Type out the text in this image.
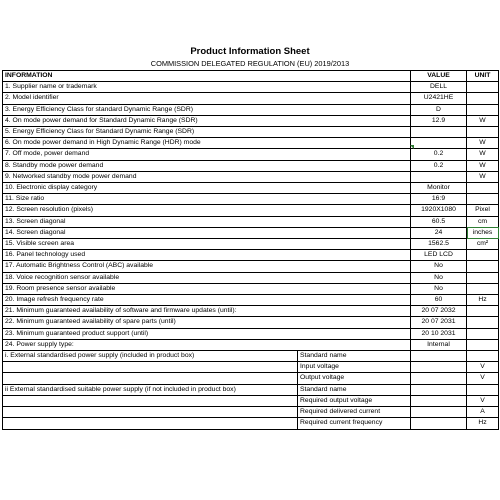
Product Information Sheet
COMMISSION DELEGATED REGULATION (EU) 2019/2013
INFORMATION		VALUE	UNIT
1. Supplier name or trademark		DELL	
2. Model identifier		U2421HE	
3. Energy Efficiency Class for standard Dynamic Range (SDR)		D	
4. On mode power demand for Standard Dynamic Range (SDR)		12.9	W
5. Energy Efficiency Class for Standard Dynamic Range (SDR)			
6. On mode power demand in High Dynamic Range (HDR) mode			W
7. Off mode, power demand		0.2	W
8. Standby mode power demand		0.2	W
9. Networked standby mode power demand			W
10. Electronic display category		Monitor	
11. Size ratio		16:9	
12. Screen resolution (pixels)		1920X1080	Pixel
13. Screen diagonal		60.5	cm
14. Screen diagonal		24	inches
15. Visible screen area		1562.5	cm²
16. Panel technology used		LED LCD	
17. Automatic Brightness Control (ABC) available		No	
18. Voice recognition sensor available		No	
19. Room presence sensor available		No	
20. Image refresh frequency rate		60	Hz
21. Minimum guaranteed availability of software and firmware updates (until):		20 07 2032	
22. Minimum guaranteed availability of spare parts (until)		20 07 2031	
23. Minimum guaranteed product support (until)		20 10 2031	
24. Power supply type:		Internal	
i. External standardised power supply (included in product box)	Standard name		
	Input voltage		V
	Output voltage		V
ii External standardised suitable power supply (if not included in product box)	Standard name		
	Required output voltage		V
	Required delivered current		A
	Required current frequency		Hz
